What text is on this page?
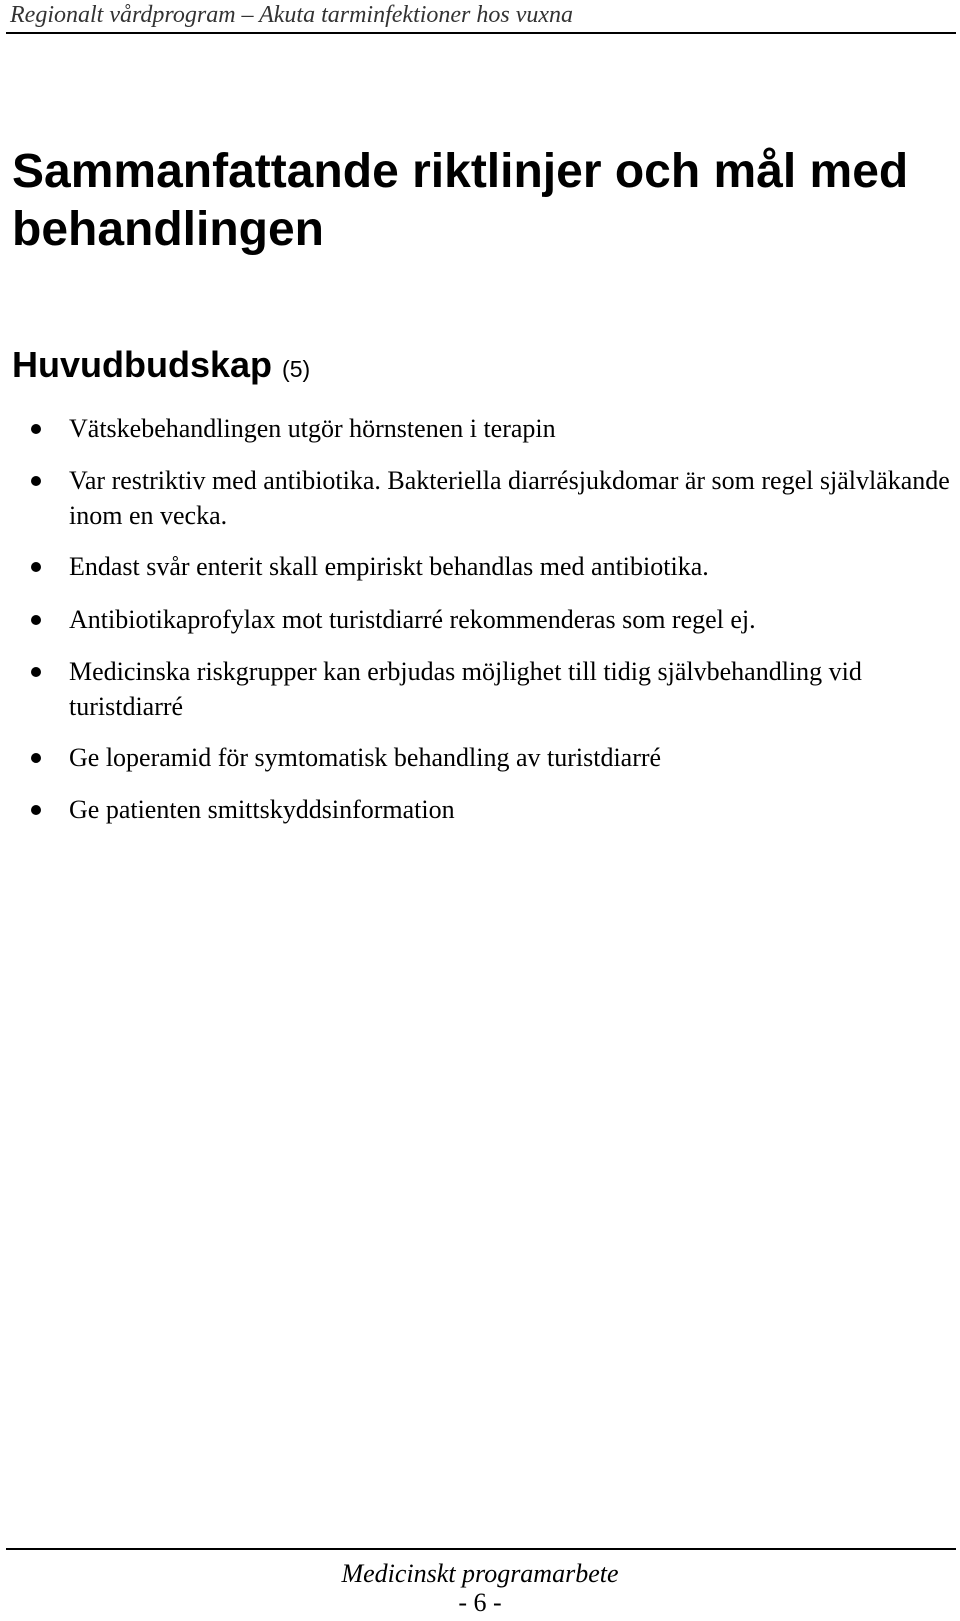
Regionalt vårdprogram – Akuta tarminfektioner hos vuxna
Sammanfattande riktlinjer och mål med behandlingen
Huvudbudskap (5)
Vätskebehandlingen utgör hörnstenen i terapin
Var restriktiv med antibiotika. Bakteriella diarrésjukdomar är som regel självläkande inom en vecka.
Endast svår enterit skall empiriskt behandlas med antibiotika.
Antibiotikaprofylax mot turistdiarré rekommenderas som regel ej.
Medicinska riskgrupper kan erbjudas möjlighet till tidig självbehandling vid turistdiarré
Ge loperamid för symtomatisk behandling av turistdiarré
Ge patienten smittskyddsinformation
Medicinskt programarbete
- 6 -
